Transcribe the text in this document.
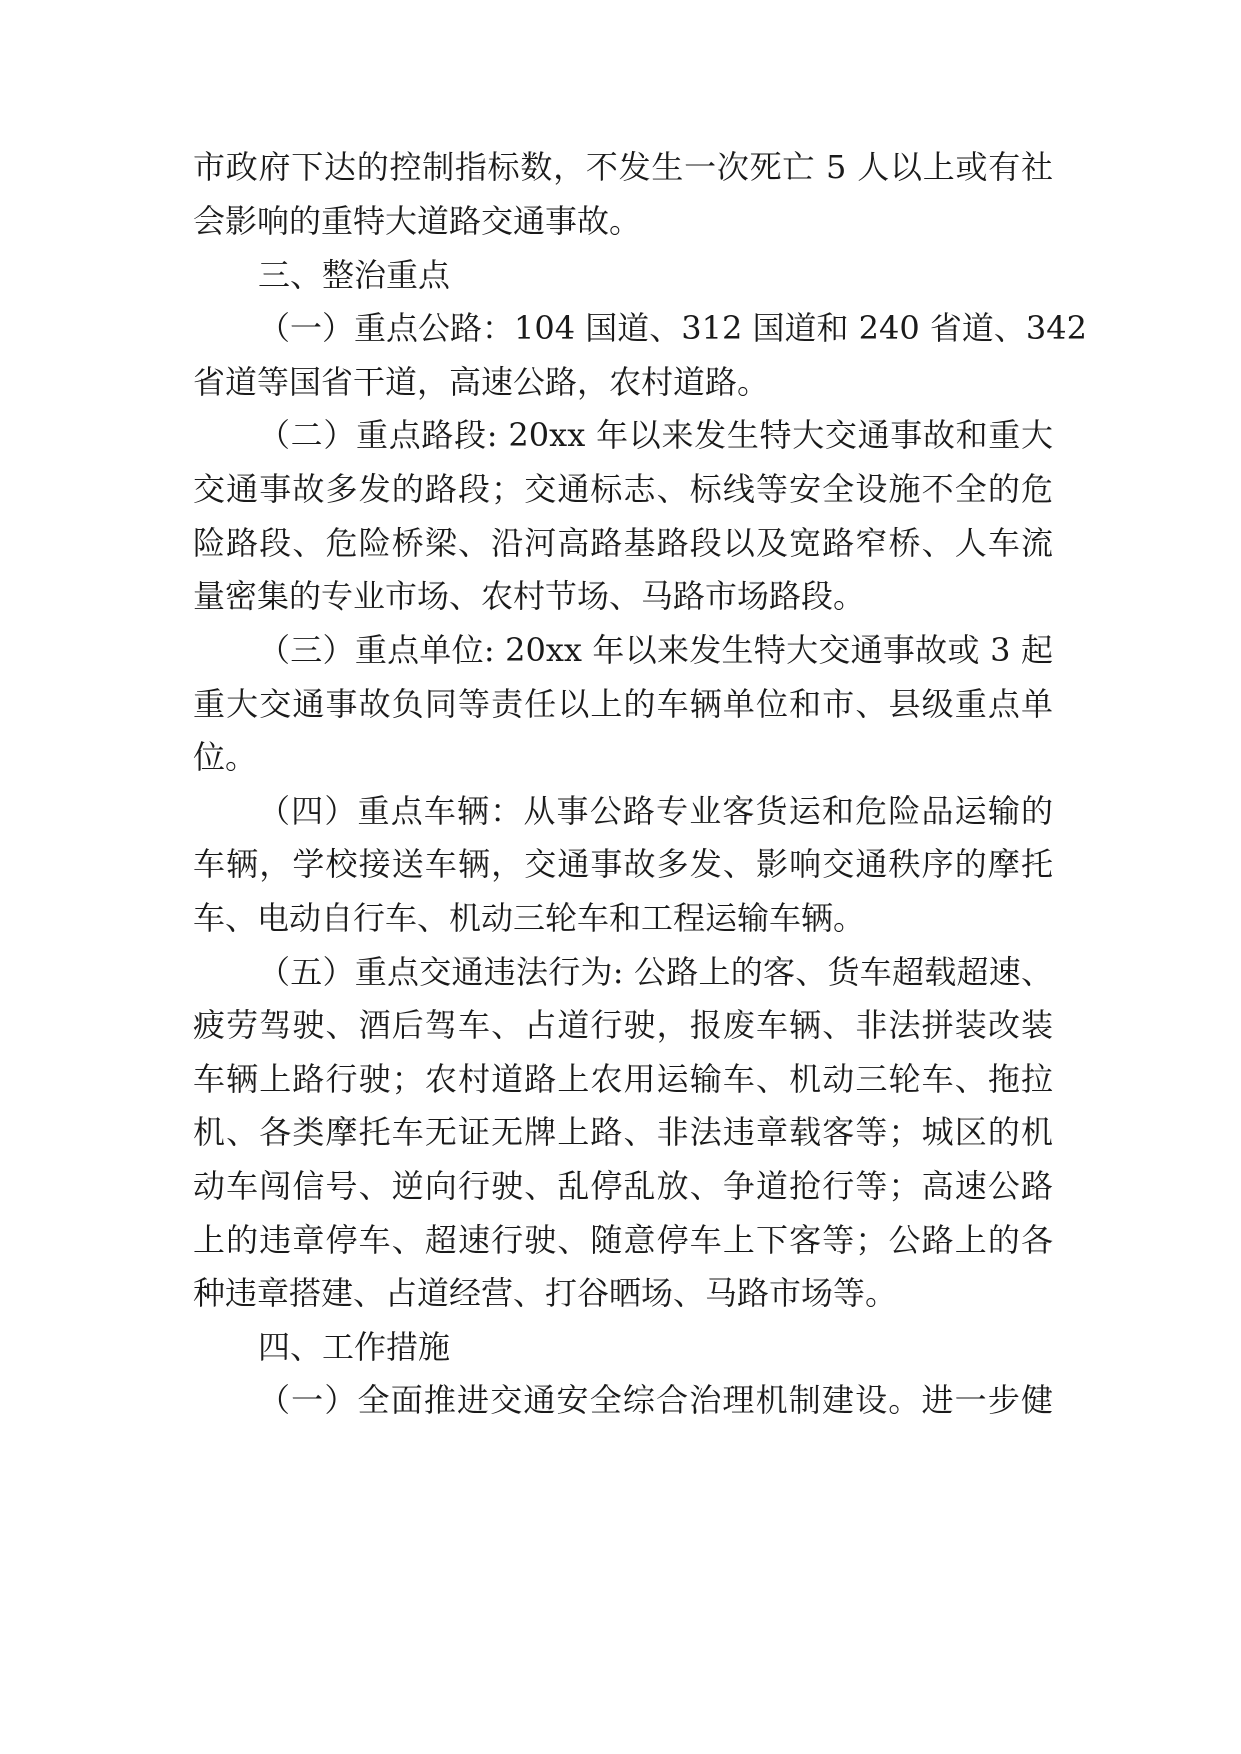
市政府下达的控制指标数，不发生一次死亡 5 人以上或有社
会影响的重特大道路交通事故。
三、整治重点
（一）重点公路：104 国道、312 国道和 240 省道、342
省道等国省干道，高速公路，农村道路。
（二）重点路段: 20xx 年以来发生特大交通事故和重大
交通事故多发的路段；交通标志、标线等安全设施不全的危
险路段、危险桥梁、沿河高路基路段以及宽路窄桥、人车流
量密集的专业市场、农村节场、马路市场路段。
（三）重点单位: 20xx 年以来发生特大交通事故或 3 起
重大交通事故负同等责任以上的车辆单位和市、县级重点单
位。
（四）重点车辆：从事公路专业客货运和危险品运输的
车辆，学校接送车辆，交通事故多发、影响交通秩序的摩托
车、电动自行车、机动三轮车和工程运输车辆。
（五）重点交通违法行为: 公路上的客、货车超载超速、
疲劳驾驶、酒后驾车、占道行驶，报废车辆、非法拼装改装
车辆上路行驶；农村道路上农用运输车、机动三轮车、拖拉
机、各类摩托车无证无牌上路、非法违章载客等；城区的机
动车闯信号、逆向行驶、乱停乱放、争道抢行等；高速公路
上的违章停车、超速行驶、随意停车上下客等；公路上的各
种违章搭建、占道经营、打谷晒场、马路市场等。
四、工作措施
（一）全面推进交通安全综合治理机制建设。进一步健
